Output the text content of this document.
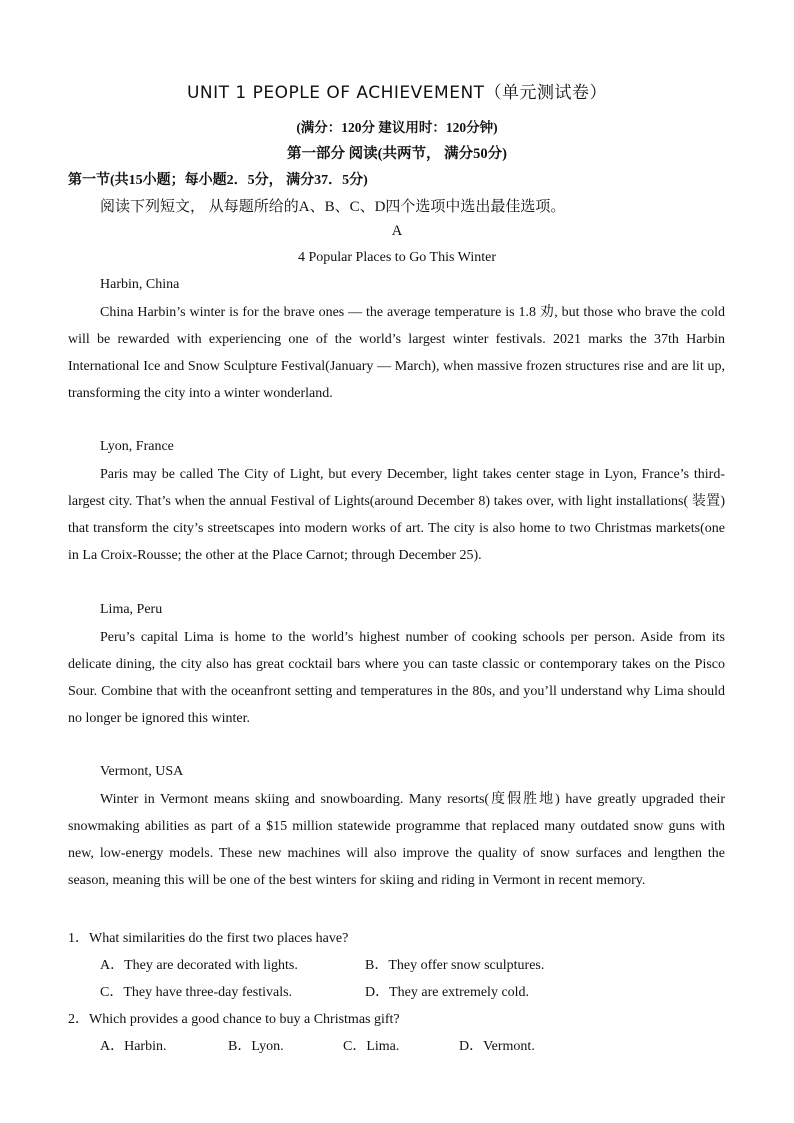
UNIT 1 PEOPLE OF ACHIEVEMENT（单元测试卷）
(满分：120分 建议用时：120分钟)
第一部分 阅读(共两节， 满分50分)
第一节(共15小题；每小题2．5分， 满分37．5分)
阅读下列短文， 从每题所给的A、B、C、D四个选项中选出最佳选项。
A
4 Popular Places to Go This Winter
Harbin, China
China Harbin’s winter is for the brave ones — the average temperature is 1.8 劝, but those who brave the cold will be rewarded with experiencing one of the world’s largest winter festivals. 2021 marks the 37th Harbin International Ice and Snow Sculpture Festival(January — March), when massive frozen structures rise and are lit up, transforming the city into a winter wonderland.
Lyon, France
Paris may be called The City of Light, but every December, light takes center stage in Lyon, France’s third-largest city. That’s when the annual Festival of Lights(around December 8) takes over, with light installations( 装置) that transform the city’s streetscapes into modern works of art. The city is also home to two Christmas markets(one in La Croix-Rousse; the other at the Place Carnot; through December 25).
Lima, Peru
Peru’s capital Lima is home to the world’s highest number of cooking schools per person. Aside from its delicate dining, the city also has great cocktail bars where you can taste classic or contemporary takes on the Pisco Sour. Combine that with the oceanfront setting and temperatures in the 80s, and you’ll understand why Lima should no longer be ignored this winter.
Vermont, USA
Winter in Vermont means skiing and snowboarding. Many resorts(度假胜地) have greatly upgraded their snowmaking abilities as part of a $15 million statewide programme that replaced many outdated snow guns with new, low-energy models. These new machines will also improve the quality of snow surfaces and lengthen the season, meaning this will be one of the best winters for skiing and riding in Vermont in recent memory.
1．What similarities do the first two places have?
A．They are decorated with lights.	B．They offer snow sculptures.
C．They have three-day festivals.	D．They are extremely cold.
2．Which provides a good chance to buy a Christmas gift?
A．Harbin.	B．Lyon.	C．Lima.	D．Vermont.
